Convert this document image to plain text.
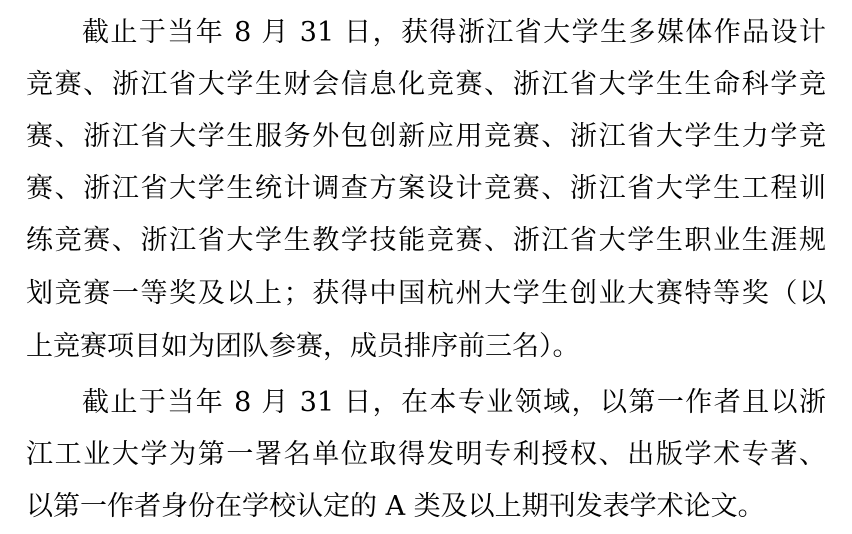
截止于当年 8 月 31 日，获得浙江省大学生多媒体作品设计
竞赛、浙江省大学生财会信息化竞赛、浙江省大学生生命科学竞
赛、浙江省大学生服务外包创新应用竞赛、浙江省大学生力学竞
赛、浙江省大学生统计调查方案设计竞赛、浙江省大学生工程训
练竞赛、浙江省大学生教学技能竞赛、浙江省大学生职业生涯规
划竞赛一等奖及以上；获得中国杭州大学生创业大赛特等奖（以
上竞赛项目如为团队参赛，成员排序前三名）。
截止于当年 8 月 31 日，在本专业领域，以第一作者且以浙
江工业大学为第一署名单位取得发明专利授权、出版学术专著、
以第一作者身份在学校认定的 A 类及以上期刊发表学术论文。
